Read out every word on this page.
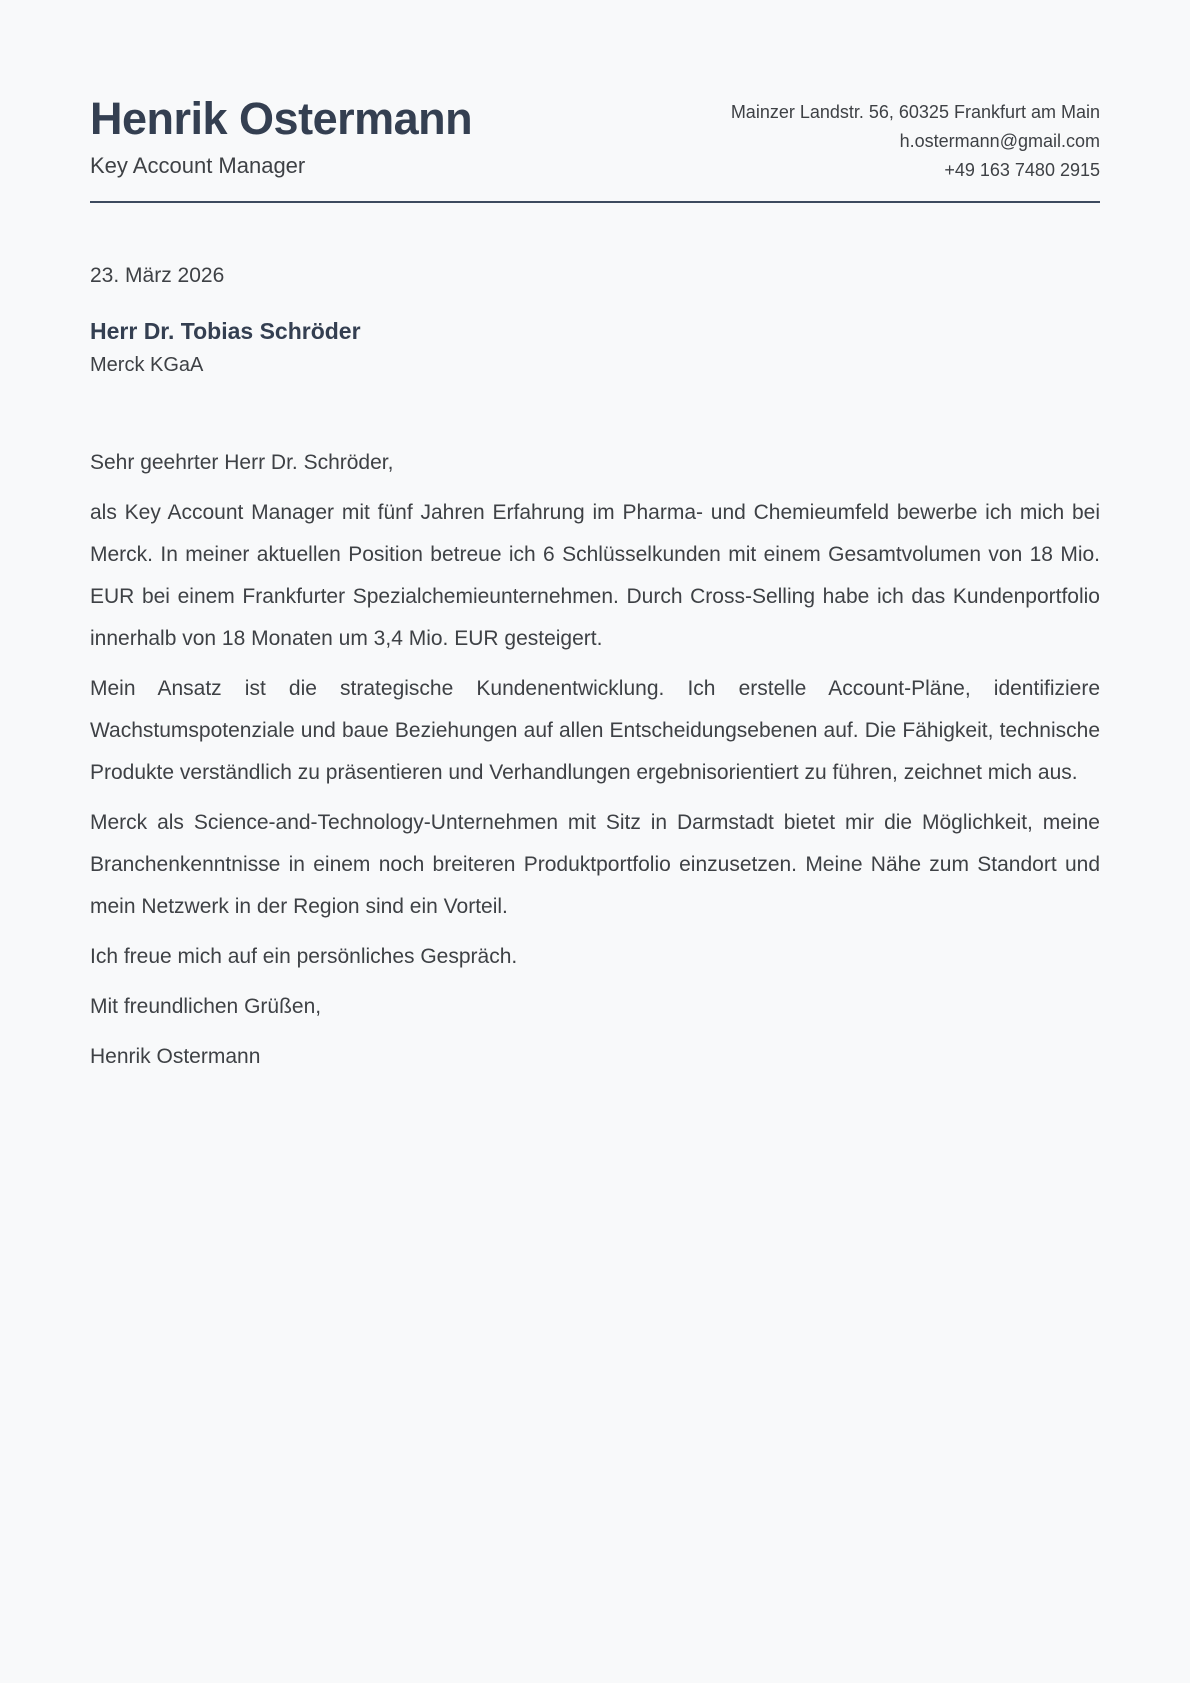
Henrik Ostermann
Key Account Manager
Mainzer Landstr. 56, 60325 Frankfurt am Main
h.ostermann@gmail.com
+49 163 7480 2915
23. März 2026
Herr Dr. Tobias Schröder
Merck KGaA
Sehr geehrter Herr Dr. Schröder,

als Key Account Manager mit fünf Jahren Erfahrung im Pharma- und Chemieumfeld bewerbe ich mich bei Merck. In meiner aktuellen Position betreue ich 6 Schlüsselkunden mit einem Gesamtvolumen von 18 Mio. EUR bei einem Frankfurter Spezialchemieunternehmen. Durch Cross-Selling habe ich das Kundenportfolio innerhalb von 18 Monaten um 3,4 Mio. EUR gesteigert.

Mein Ansatz ist die strategische Kundenentwicklung. Ich erstelle Account-Pläne, identifiziere Wachstumspotenziale und baue Beziehungen auf allen Entscheidungsebenen auf. Die Fähigkeit, technische Produkte verständlich zu präsentieren und Verhandlungen ergebnisorientiert zu führen, zeichnet mich aus.

Merck als Science-and-Technology-Unternehmen mit Sitz in Darmstadt bietet mir die Möglichkeit, meine Branchenkenntnisse in einem noch breiteren Produktportfolio einzusetzen. Meine Nähe zum Standort und mein Netzwerk in der Region sind ein Vorteil.

Ich freue mich auf ein persönliches Gespräch.

Mit freundlichen Grüßen,

Henrik Ostermann
